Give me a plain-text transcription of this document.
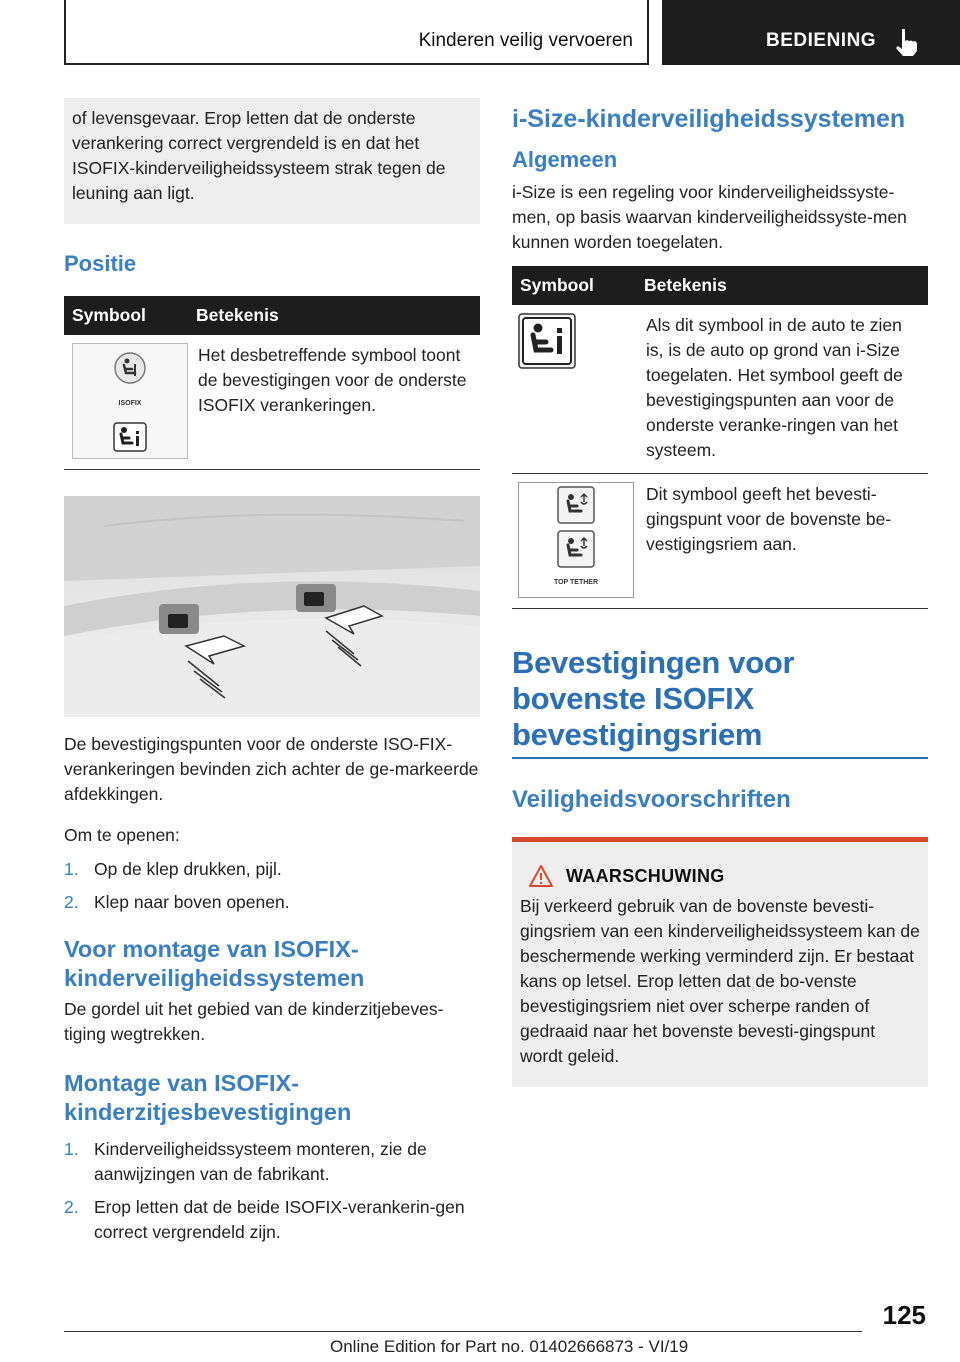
Kinderen veilig vervoeren	BEDIENING
of levensgevaar. Erop letten dat de onderste verankering correct vergrendeld is en dat het ISOFIX-kinderveiligheidssysteem strak tegen de leuning aan ligt.
Positie
Symbool	Betekenis

ISOFIX	Het desbetreffende symbool toont de bevestigingen voor de onderste ISOFIX verankeringen.
De bevestigingspunten voor de onderste ISO-FIX-verankeringen bevinden zich achter de ge-markeerde afdekkingen.
Om te openen:
1. Op de klep drukken, pijl.
2. Klep naar boven openen.
Voor montage van ISOFIX-kinderveiligheidssystemen
De gordel uit het gebied van de kinderzitjebeves-tiging wegtrekken.
Montage van ISOFIX-kinderzitjesbevestigingen
1. Kinderveiligheidssysteem monteren, zie de aanwijzingen van de fabrikant.
2. Erop letten dat de beide ISOFIX-verankerin-gen correct vergrendeld zijn.
i-Size-kinderveiligheidssystemen
Algemeen
i-Size is een regeling voor kinderveiligheidssyste-men, op basis waarvan kinderveiligheidssyste-men kunnen worden toegelaten.
Symbool	Betekenis
	Als dit symbool in de auto te zien is, is de auto op grond van i-Size toegelaten. Het symbool geeft de bevestigingspunten aan voor de onderste veranke-ringen van het systeem.

TOP TETHER	Dit symbool geeft het bevesti-gingspunt voor de bovenste be-vestigingsriem aan.
Bevestigingen voor bovenste ISOFIX bevestigingsriem
Veiligheidsvoorschriften
WAARSCHUWING
Bij verkeerd gebruik van de bovenste bevesti-gingsriem van een kinderveiligheidssysteem kan de beschermende werking verminderd zijn. Er bestaat kans op letsel. Erop letten dat de bo-venste bevestigingsriem niet over scherpe randen of gedraaid naar het bovenste bevesti-gingspunt wordt geleid.
125
Online Edition for Part no. 01402666873 - VI/19
